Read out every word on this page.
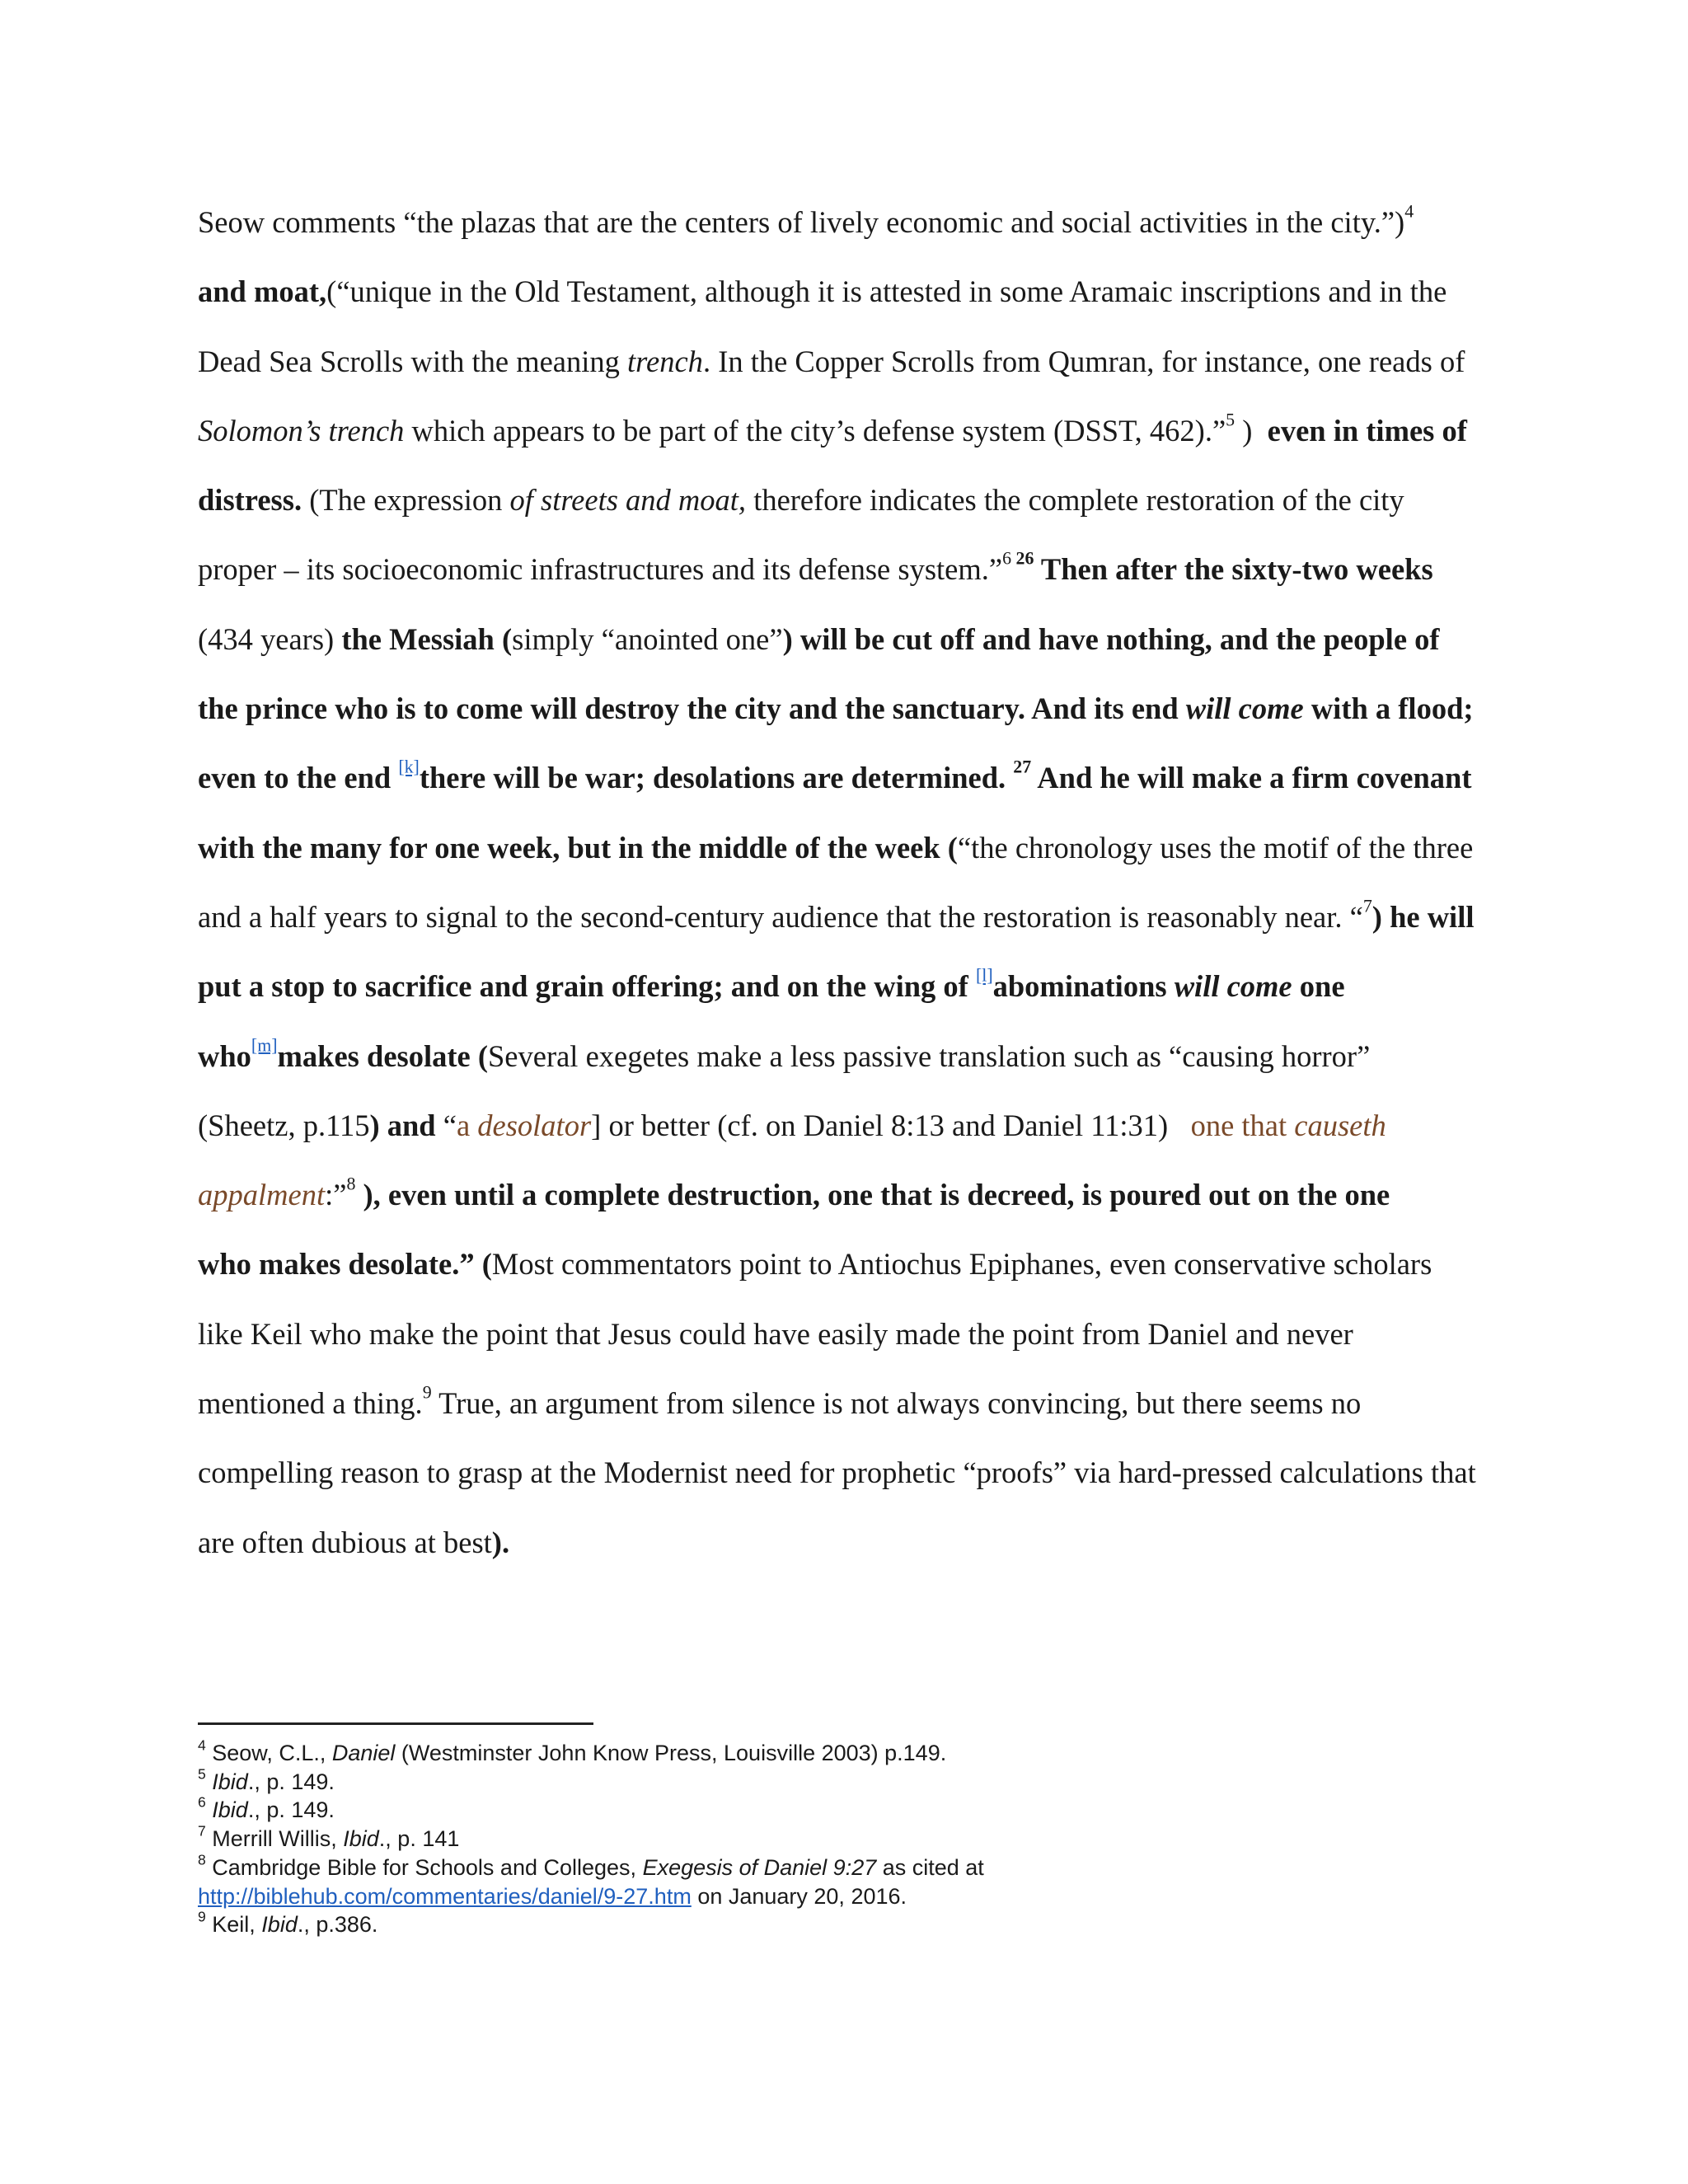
Seow comments “the plazas that are the centers of lively economic and social activities in the city.”)$^4$
and moat,(“unique in the Old Testament, although it is attested in some Aramaic inscriptions and in the
Dead Sea Scrolls with the meaning trench. In the Copper Scrolls from Qumran, for instance, one reads of
Solomon’s trench which appears to be part of the city’s defense system (DSST, 462).”$^5$ )  even in times of
distress. (The expression of streets and moat, therefore indicates the complete restoration of the city
proper – its socioeconomic infrastructures and its defense system.”$^6$ $^{26}$ Then after the sixty-two weeks
(434 years) the Messiah (simply “anointed one”) will be cut off and have nothing, and the people of
the prince who is to come will destroy the city and the sanctuary. And its end will come with a flood;
even to the end [k]there will be war; desolations are determined. $^{27}$ And he will make a firm covenant
with the many for one week, but in the middle of the week (“the chronology uses the motif of the three
and a half years to signal to the second-century audience that the restoration is reasonably near. “$^7$) he will
put a stop to sacrifice and grain offering; and on the wing of [l]abominations will come one
who[m]makes desolate (Several exegetes make a less passive translation such as “causing horror”
(Sheetz, p.115) and “a desolator] or better (cf. on Daniel 8:13 and Daniel 11:31)   one that causeth
appalment:”$^8$ ), even until a complete destruction, one that is decreed, is poured out on the one
who makes desolate.” (Most commentators point to Antiochus Epiphanes, even conservative scholars
like Keil who make the point that Jesus could have easily made the point from Daniel and never
mentioned a thing.$^9$ True, an argument from silence is not always convincing, but there seems no
compelling reason to grasp at the Modernist need for prophetic “proofs” via hard-pressed calculations that
are often dubious at best).
$^4$ Seow, C.L., Daniel (Westminster John Know Press, Louisville 2003) p.149.
$^5$ Ibid., p. 149.
$^6$ Ibid., p. 149.
$^7$ Merrill Willis, Ibid., p. 141
$^8$ Cambridge Bible for Schools and Colleges, Exegesis of Daniel 9:27 as cited at
http://biblehub.com/commentaries/daniel/9-27.htm on January 20, 2016.
$^9$ Keil, Ibid., p.386.
